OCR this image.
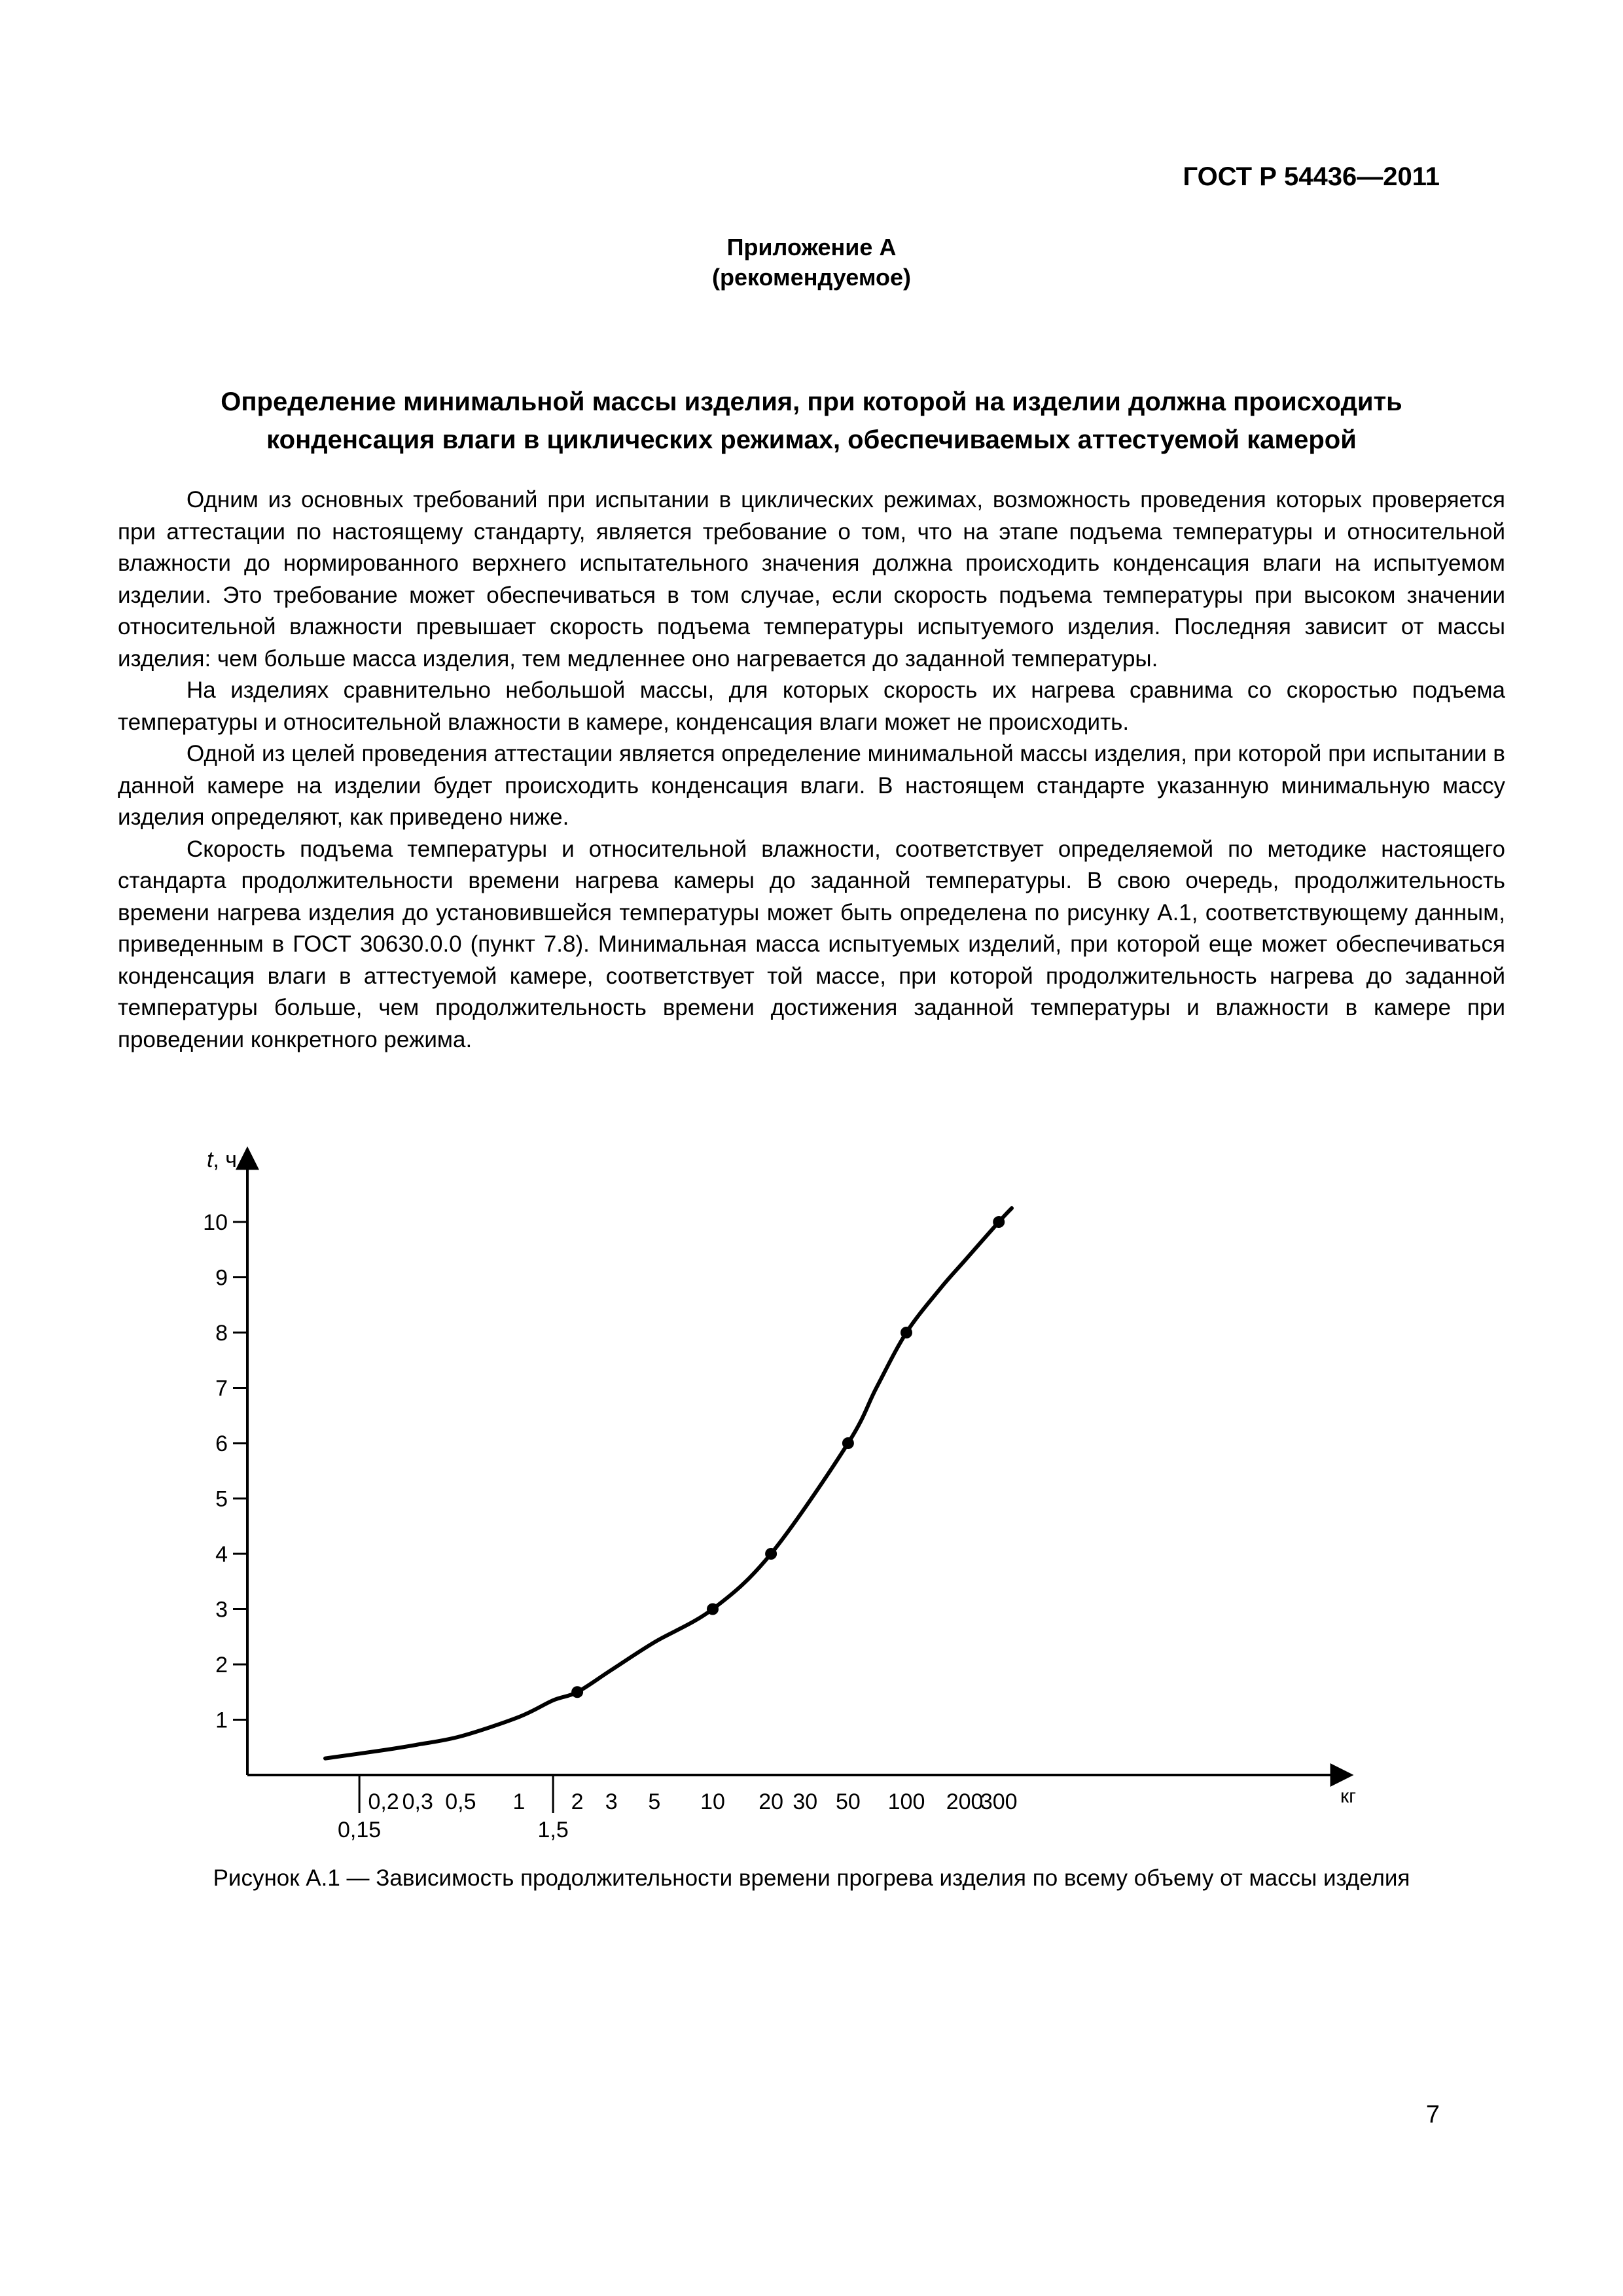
ГОСТ Р 54436—2011
Приложение А
(рекомендуемое)
Определение минимальной массы изделия, при которой на изделии должна происходить
конденсация влаги в циклических режимах, обеспечиваемых аттестуемой камерой

Одним из основных требований при испытании в циклических режимах, возможность проведения которых проверяется при аттестации по настоящему стандарту, является требование о том, что на этапе подъема температуры и относительной влажности до нормированного верхнего испытательного значения должна происходить конденсация влаги на испытуемом изделии. Это требование может обеспечиваться в том случае, если скорость подъема температуры при высоком значении относительной влажности превышает скорость подъема температуры испытуемого изделия. Последняя зависит от массы изделия: чем больше масса изделия, тем медленнее оно нагревается до заданной температуры.

На изделиях сравнительно небольшой массы, для которых скорость их нагрева сравнима со скоростью подъема температуры и относительной влажности в камере, конденсация влаги может не происходить.

Одной из целей проведения аттестации является определение минимальной массы изделия, при которой при испытании в данной камере на изделии будет происходить конденсация влаги. В настоящем стандарте указанную минимальную массу изделия определяют, как приведено ниже.

Скорость подъема температуры и относительной влажности, соответствует определяемой по методике настоящего стандарта продолжительности времени нагрева камеры до заданной температуры. В свою очередь, продолжительность времени нагрева изделия до установившейся температуры может быть определена по рисунку А.1, соответствующему данным, приведенным в ГОСТ 30630.0.0 (пункт 7.8). Минимальная масса испытуемых изделий, при которой еще может обеспечиваться конденсация влаги в аттестуемой камере, соответствует той массе, при которой продолжительность нагрева до заданной температуры больше, чем продолжительность времени достижения заданной температуры и влажности в камере при проведении конкретного режима.

t, ч
кг
1
2
3
4
5
6
7
8
9
10
0,2 0,3 0,5 1 2 3 5 10 20 30 50 100 200
300
0,15	1,5
Рисунок А.1 — Зависимость продолжительности времени прогрева изделия по всему объему от массы изделия
7
